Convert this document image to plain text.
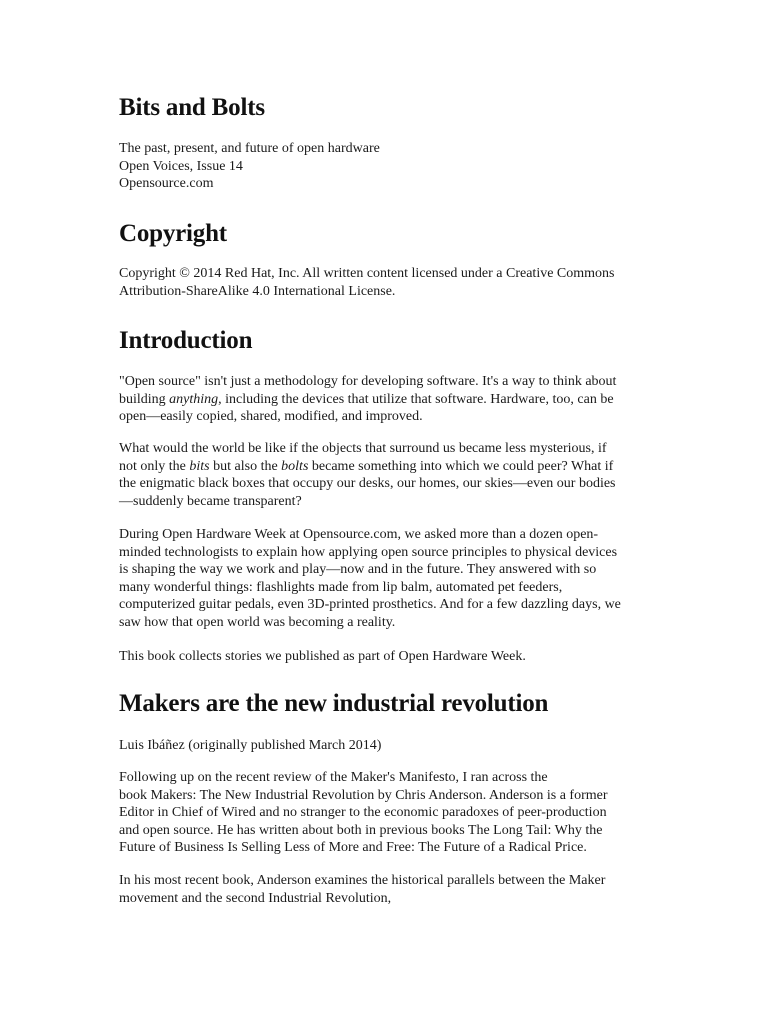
Bits and Bolts
The past, present, and future of open hardware
Open Voices, Issue 14
Opensource.com
Copyright
Copyright © 2014 Red Hat, Inc. All written content licensed under a Creative Commons
Attribution-ShareAlike 4.0 International License.
Introduction
"Open source" isn't just a methodology for developing software. It's a way to think about
building anything, including the devices that utilize that software. Hardware, too, can be
open—easily copied, shared, modified, and improved.
What would the world be like if the objects that surround us became less mysterious, if
not only the bits but also the bolts became something into which we could peer? What if
the enigmatic black boxes that occupy our desks, our homes, our skies—even our bodies
—suddenly became transparent?
During Open Hardware Week at Opensource.com, we asked more than a dozen open-
minded technologists to explain how applying open source principles to physical devices
is shaping the way we work and play—now and in the future. They answered with so
many wonderful things: flashlights made from lip balm, automated pet feeders,
computerized guitar pedals, even 3D-printed prosthetics. And for a few dazzling days, we
saw how that open world was becoming a reality.
This book collects stories we published as part of Open Hardware Week.
Makers are the new industrial revolution
Luis Ibáñez (originally published March 2014)
Following up on the recent review of the Maker's Manifesto, I ran across the
book Makers: The New Industrial Revolution by Chris Anderson. Anderson is a former
Editor in Chief of Wired and no stranger to the economic paradoxes of peer-production
and open source. He has written about both in previous books The Long Tail: Why the
Future of Business Is Selling Less of More and Free: The Future of a Radical Price.
In his most recent book, Anderson examines the historical parallels between the Maker
movement and the second Industrial Revolution,
